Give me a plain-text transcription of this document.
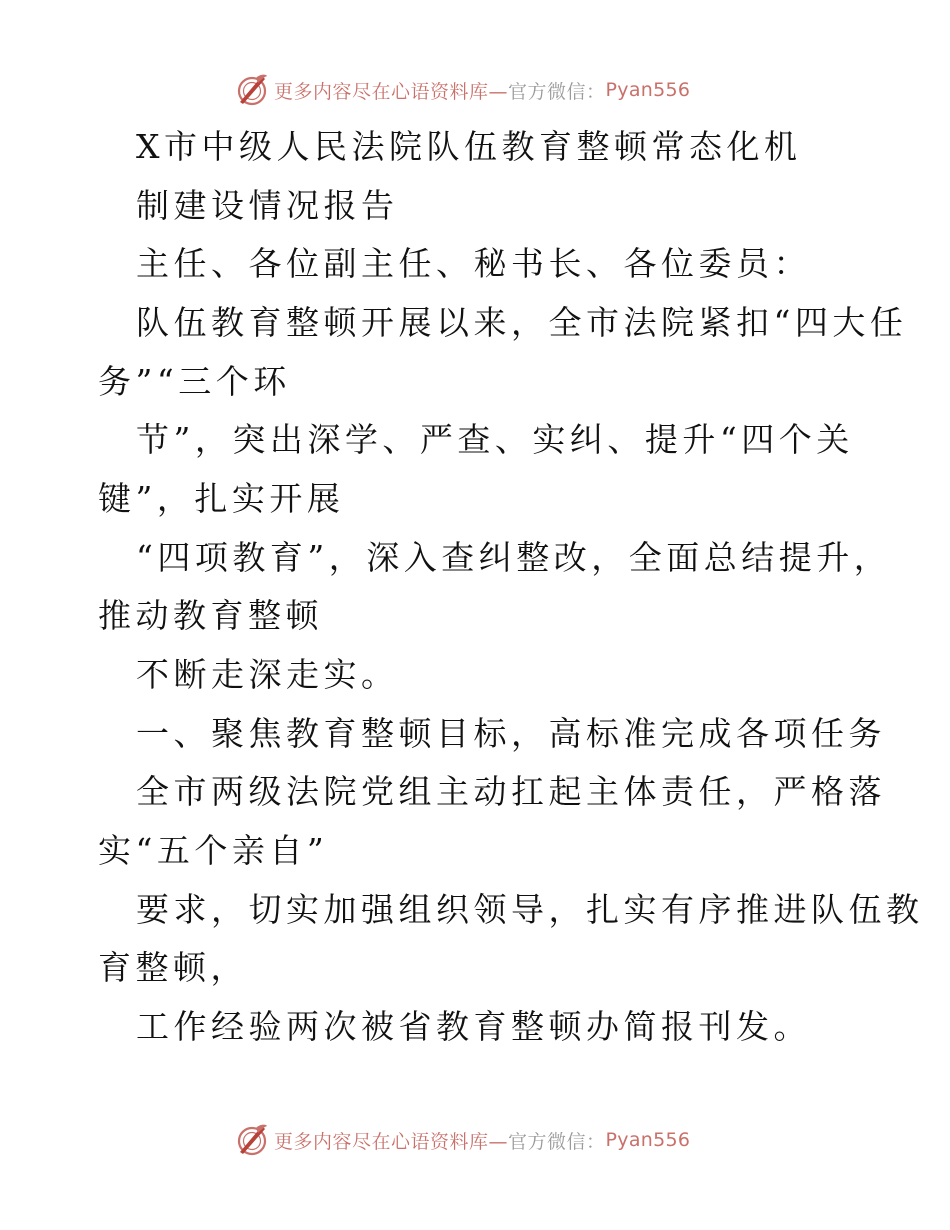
更多内容尽在心语资料库— 官方微信： Pyan556
X市中级人民法院队伍教育整顿常态化机
制建设情况报告
主任、各位副主任、秘书长、各位委员：
队伍教育整顿开展以来，全市法院紧扣“四大任
务”“三个环
节”，突出深学、严查、实纠、提升“四个关
键”，扎实开展
“四项教育”，深入查纠整改，全面总结提升，
推动教育整顿
不断走深走实。
一、聚焦教育整顿目标，高标准完成各项任务
全市两级法院党组主动扛起主体责任，严格落
实“五个亲自”
要求，切实加强组织领导，扎实有序推进队伍教
育整顿，
工作经验两次被省教育整顿办简报刊发。
更多内容尽在心语资料库— 官方微信： Pyan556
